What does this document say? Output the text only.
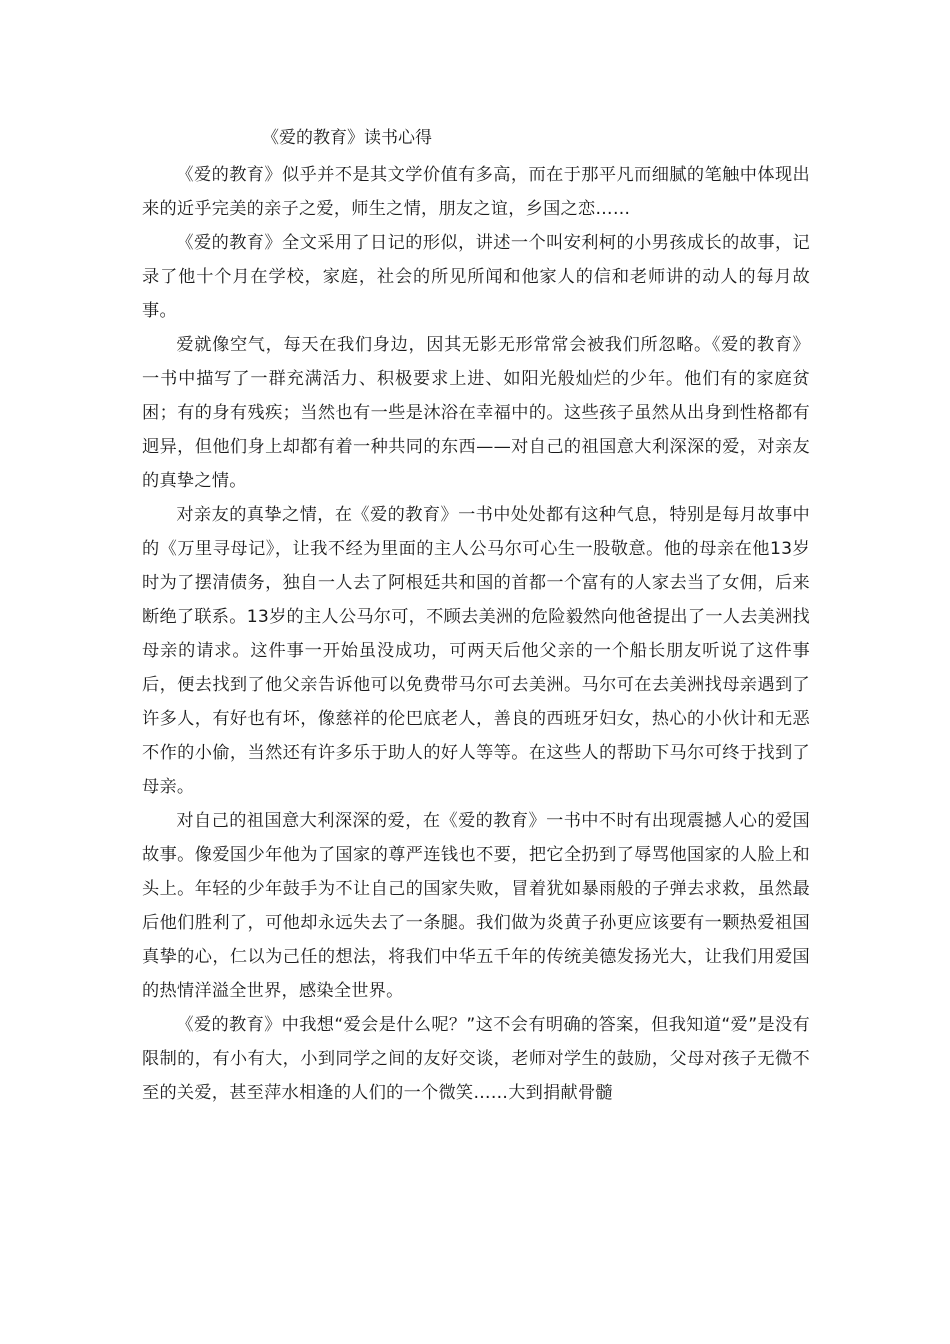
《爱的教育》读书心得

《爱的教育》似乎并不是其文学价值有多高，而在于那平凡而细腻的笔触中体现出来的近乎完美的亲子之爱，师生之情，朋友之谊，乡国之恋……

《爱的教育》全文采用了日记的形似，讲述一个叫安利柯的小男孩成长的故事，记录了他十个月在学校，家庭，社会的所见所闻和他家人的信和老师讲的动人的每月故事。

爱就像空气，每天在我们身边，因其无影无形常常会被我们所忽略。《爱的教育》一书中描写了一群充满活力、积极要求上进、如阳光般灿烂的少年。他们有的家庭贫困；有的身有残疾；当然也有一些是沐浴在幸福中的。这些孩子虽然从出身到性格都有迥异，但他们身上却都有着一种共同的东西——对自己的祖国意大利深深的爱，对亲友的真挚之情。

对亲友的真挚之情，在《爱的教育》一书中处处都有这种气息，特别是每月故事中的《万里寻母记》，让我不经为里面的主人公马尔可心生一股敬意。他的母亲在他13岁时为了摆清债务，独自一人去了阿根廷共和国的首都一个富有的人家去当了女佣，后来断绝了联系。13岁的主人公马尔可，不顾去美洲的危险毅然向他爸提出了一人去美洲找母亲的请求。这件事一开始虽没成功，可两天后他父亲的一个船长朋友听说了这件事后，便去找到了他父亲告诉他可以免费带马尔可去美洲。马尔可在去美洲找母亲遇到了许多人，有好也有坏，像慈祥的伦巴底老人，善良的西班牙妇女，热心的小伙计和无恶不作的小偷，当然还有许多乐于助人的好人等等。在这些人的帮助下马尔可终于找到了母亲。

对自己的祖国意大利深深的爱，在《爱的教育》一书中不时有出现震撼人心的爱国故事。像爱国少年他为了国家的尊严连钱也不要，把它全扔到了辱骂他国家的人脸上和头上。年轻的少年鼓手为不让自己的国家失败，冒着犹如暴雨般的子弹去求救，虽然最后他们胜利了，可他却永远失去了一条腿。我们做为炎黄子孙更应该要有一颗热爱祖国真挚的心，仁以为己任的想法，将我们中华五千年的传统美德发扬光大，让我们用爱国的热情洋溢全世界，感染全世界。

《爱的教育》中我想“爱会是什么呢？”这不会有明确的答案，但我知道“爱”是没有限制的，有小有大，小到同学之间的友好交谈，老师对学生的鼓励，父母对孩子无微不至的关爱，甚至萍水相逢的人们的一个微笑……大到捐献骨髓
